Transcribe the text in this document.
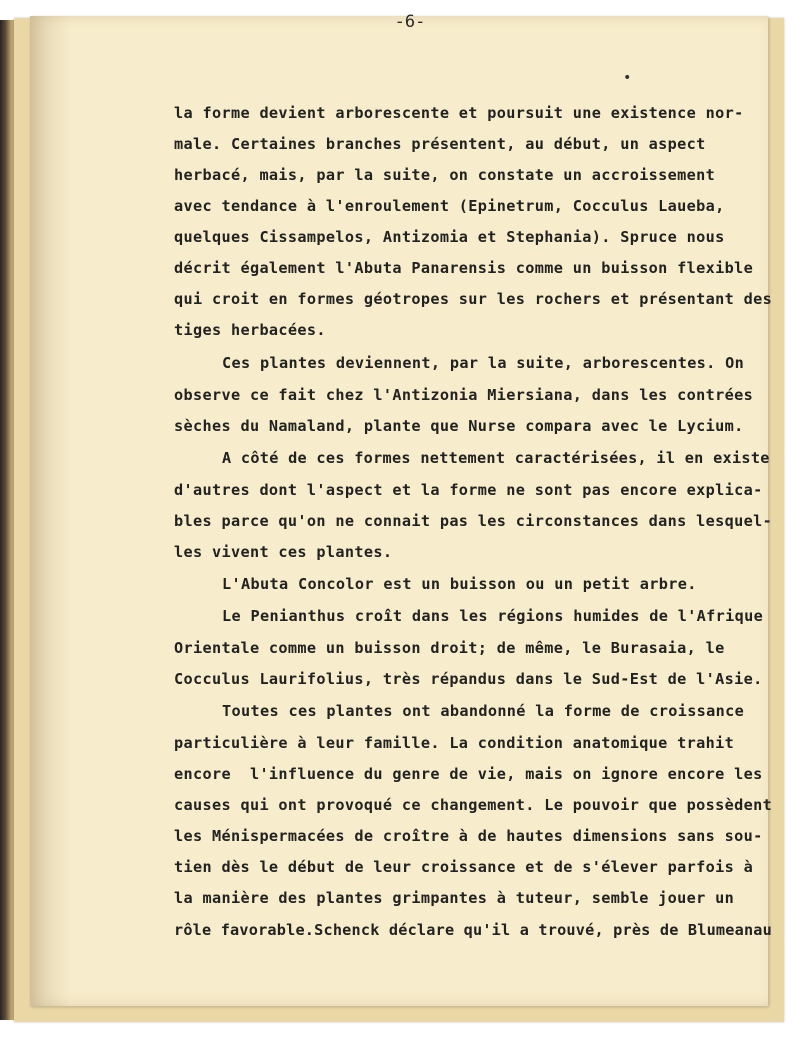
-6-
•
la forme devient arborescente et poursuit une existence nor-
male. Certaines branches présentent, au début, un aspect
herbacé, mais, par la suite, on constate un accroissement
avec tendance à l'enroulement (Epinetrum, Cocculus Laueba,
quelques Cissampelos, Antizomia et Stephania). Spruce nous
décrit également l'Abuta Panarensis comme un buisson flexible
qui croit en formes géotropes sur les rochers et présentant des
tiges herbacées.
Ces plantes deviennent, par la suite, arborescentes. On
observe ce fait chez l'Antizonia Miersiana, dans les contrées
sèches du Namaland, plante que Nurse compara avec le Lycium.
A côté de ces formes nettement caractérisées, il en existe
d'autres dont l'aspect et la forme ne sont pas encore explica-
bles parce qu'on ne connait pas les circonstances dans lesquel-
les vivent ces plantes.
L'Abuta Concolor est un buisson ou un petit arbre.
Le Penianthus croît dans les régions humides de l'Afrique
Orientale comme un buisson droit; de même, le Burasaia, le
Cocculus Laurifolius, très répandus dans le Sud-Est de l'Asie.
Toutes ces plantes ont abandonné la forme de croissance
particulière à leur famille. La condition anatomique trahit
encore  l'influence du genre de vie, mais on ignore encore les
causes qui ont provoqué ce changement. Le pouvoir que possèdent
les Ménispermacées de croître à de hautes dimensions sans sou-
tien dès le début de leur croissance et de s'élever parfois à
la manière des plantes grimpantes à tuteur, semble jouer un
rôle favorable.Schenck déclare qu'il a trouvé, près de Blumeanau
